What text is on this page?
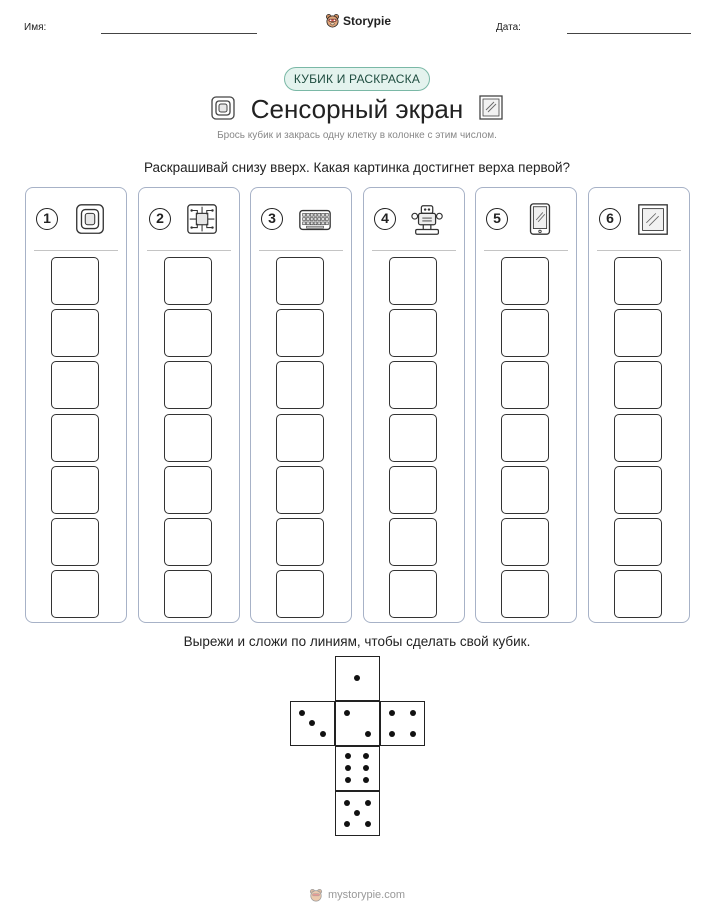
Имя:	Storypie	Дата:
КУБИК И РАСКРАСКА
Сенсорный экран
Брось кубик и закрась одну клетку в колонке с этим числом.
Раскрашивай снизу вверх. Какая картинка достигнет верха первой?
1	2	3	4	5	6
Вырежи и сложи по линиям, чтобы сделать свой кубик.
mystorypie.com
